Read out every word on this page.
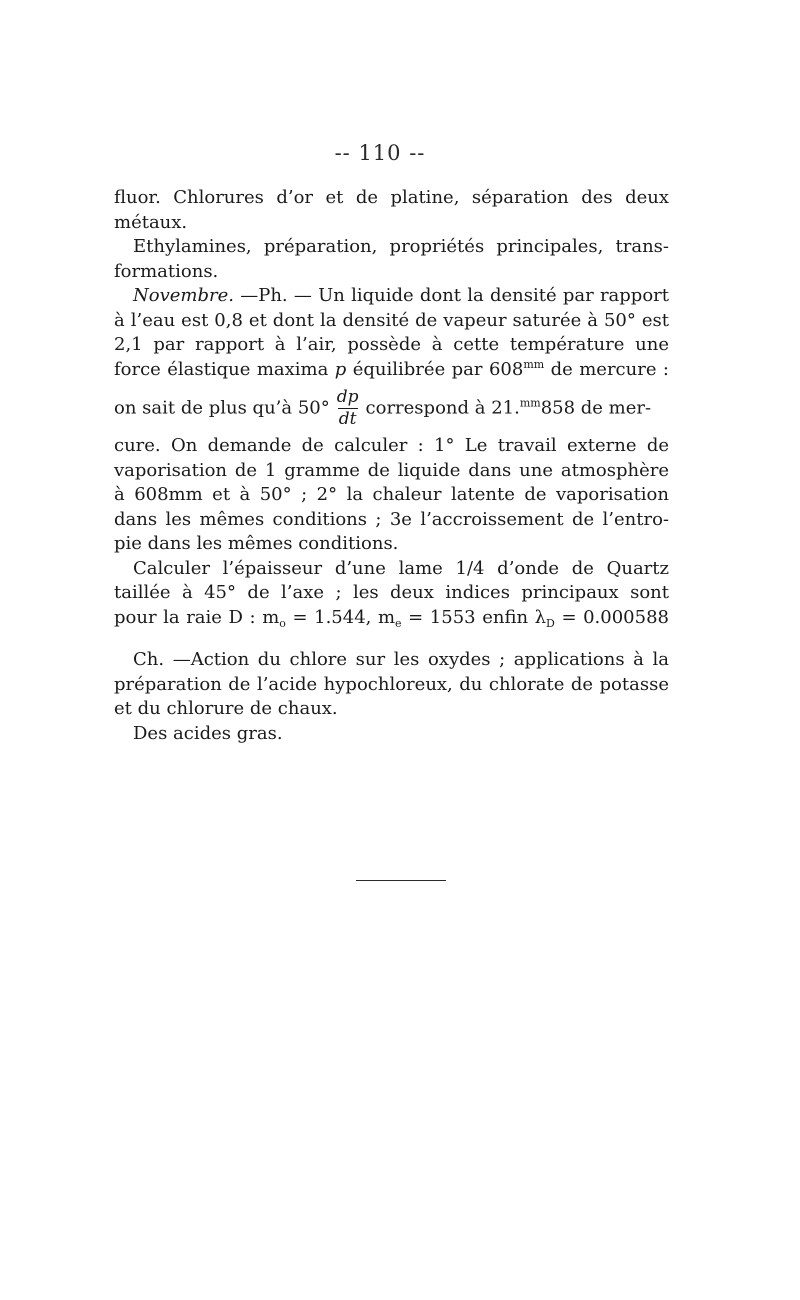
-- 110 --

fluor. Chlorures d’or et de platine, séparation des deux
métaux.

Ethylamines, préparation, propriétés principales, trans-
formations.

Novembre. —Ph. — Un liquide dont la densité par rapport
à l’eau est 0,8 et dont la densité de vapeur saturée à 50° est
2,1 par rapport à l’air, possède à cette température une
force élastique maxima p équilibrée par $608^{mm}$ de mercure :
on sait de plus qu’à $50^\circ \frac{dp}{dt}$ correspond à 21.$^{mm}$858 de mer-
cure. On demande de calculer : 1° Le travail externe de
vaporisation de 1 gramme de liquide dans une atmosphère
à 608mm et à 50° ; 2° la chaleur latente de vaporisation
dans les mêmes conditions ; 3e l’accroissement de l’entro-
pie dans les mêmes conditions.

Calculer l’épaisseur d’une lame 1/4 d’onde de Quartz
taillée à 45° de l’axe ; les deux indices principaux sont
pour la raie D : $m_o = 1.544$, $m_e = 1553$ enfin $\lambda_D = 0.000588$

Ch. —Action du chlore sur les oxydes ; applications à la
préparation de l’acide hypochloreux, du chlorate de potasse
et du chlorure de chaux.

Des acides gras.
